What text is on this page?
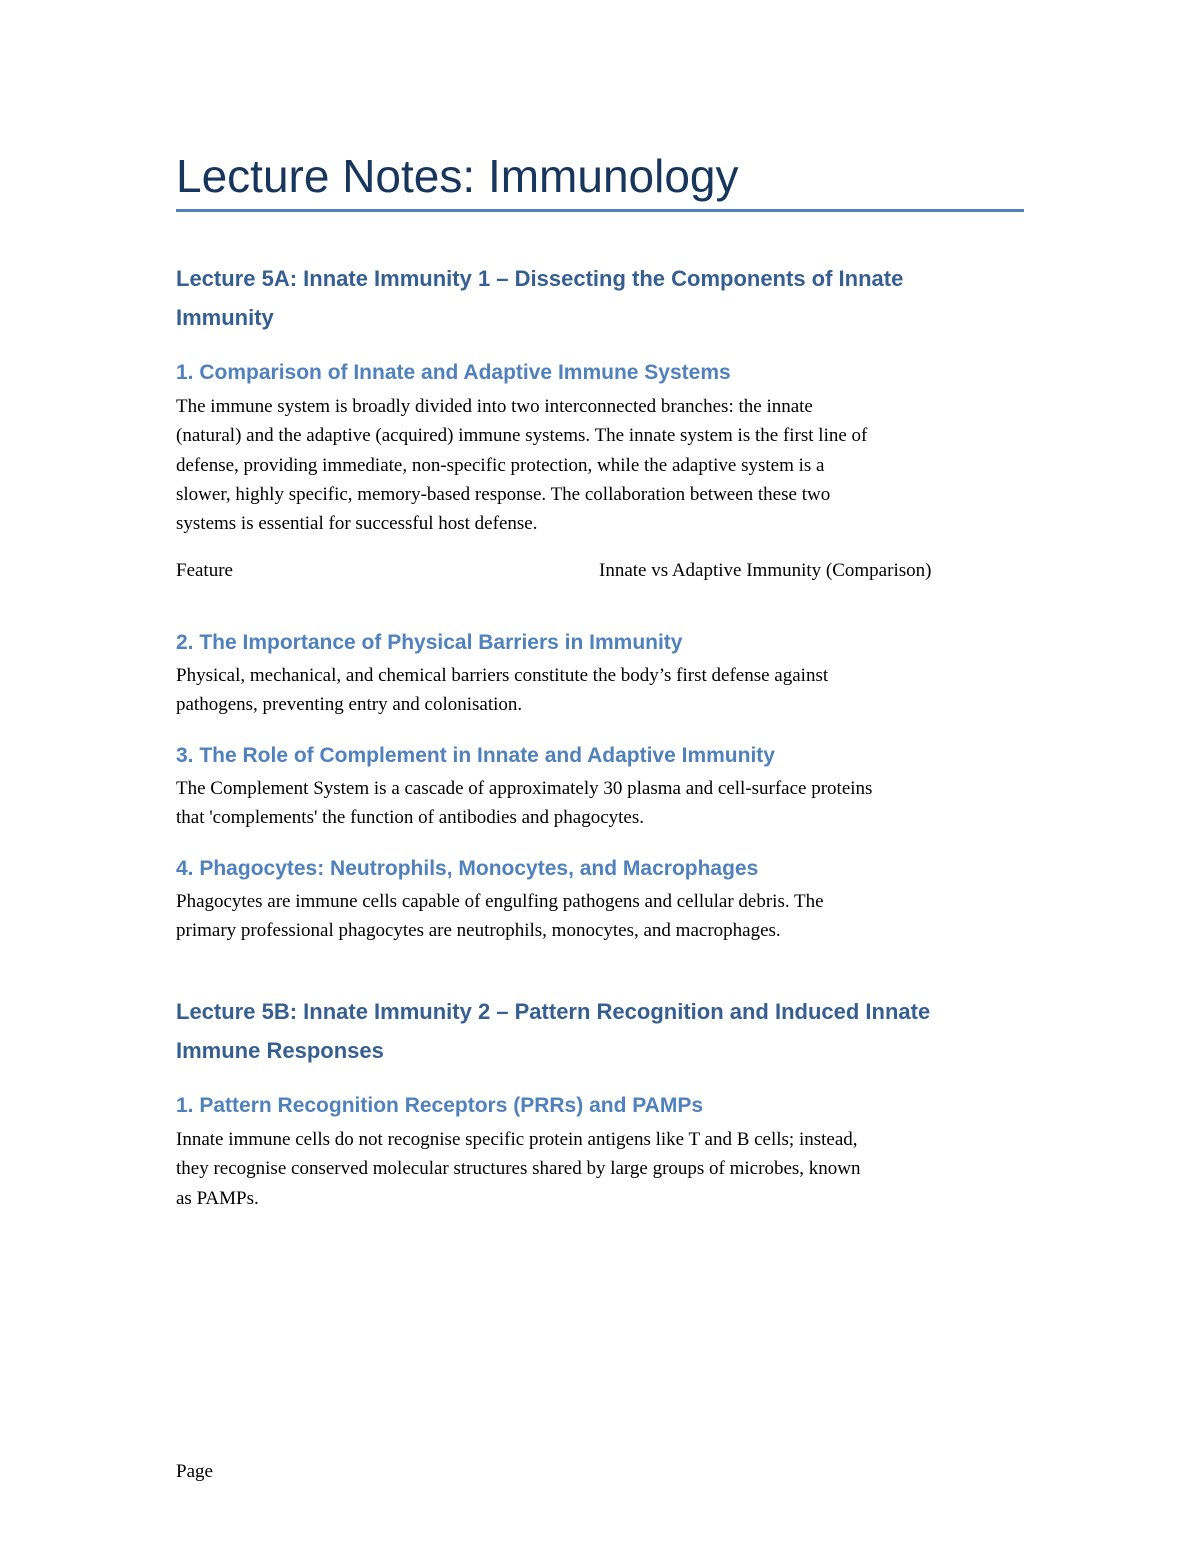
Lecture Notes: Immunology
Lecture 5A: Innate Immunity 1 – Dissecting the Components of Innate
Immunity
1. Comparison of Innate and Adaptive Immune Systems
The immune system is broadly divided into two interconnected branches: the innate
(natural) and the adaptive (acquired) immune systems. The innate system is the first line of
defense, providing immediate, non-specific protection, while the adaptive system is a
slower, highly specific, memory-based response. The collaboration between these two
systems is essential for successful host defense.
Feature	Innate vs Adaptive Immunity (Comparison)
2. The Importance of Physical Barriers in Immunity
Physical, mechanical, and chemical barriers constitute the body’s first defense against
pathogens, preventing entry and colonisation.
3. The Role of Complement in Innate and Adaptive Immunity
The Complement System is a cascade of approximately 30 plasma and cell-surface proteins
that 'complements' the function of antibodies and phagocytes.
4. Phagocytes: Neutrophils, Monocytes, and Macrophages
Phagocytes are immune cells capable of engulfing pathogens and cellular debris. The
primary professional phagocytes are neutrophils, monocytes, and macrophages.
Lecture 5B: Innate Immunity 2 – Pattern Recognition and Induced Innate
Immune Responses
1. Pattern Recognition Receptors (PRRs) and PAMPs
Innate immune cells do not recognise specific protein antigens like T and B cells; instead,
they recognise conserved molecular structures shared by large groups of microbes, known
as PAMPs.
Page
